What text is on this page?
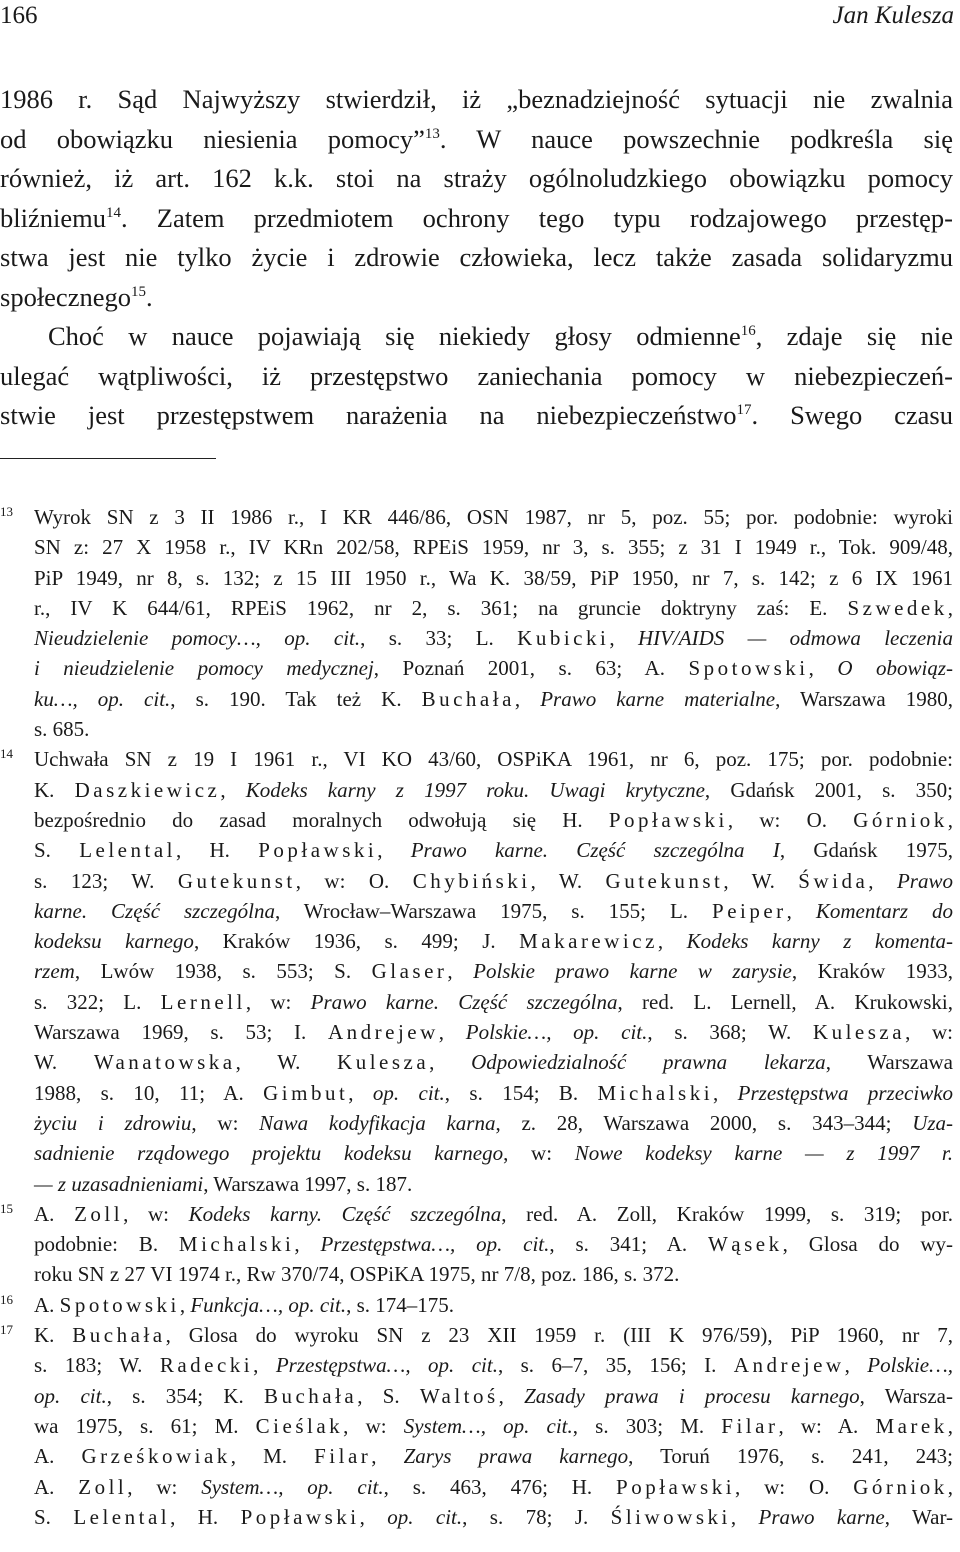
166	Jan Kulesza
1986 r. Sąd Najwyższy stwierdził, iż „beznadziejność sytuacji nie zwalnia
od obowiązku niesienia pomocy”$^{13}$. W nauce powszechnie podkreśla się
również, iż art. 162 k.k. stoi na straży ogólnoludzkiego obowiązku pomocy
bliźniemu$^{14}$. Zatem przedmiotem ochrony tego typu rodzajowego przestęp-
stwa jest nie tylko życie i zdrowie człowieka, lecz także zasada solidaryzmu
społecznego$^{15}$.
Choć w nauce pojawiają się niekiedy głosy odmienne$^{16}$, zdaje się nie
ulegać wątpliwości, iż przestępstwo zaniechania pomocy w niebezpieczeń-
stwie jest przestępstwem narażenia na niebezpieczeństwo$^{17}$. Swego czasu
13 Wyrok SN z 3 II 1986 r., I KR 446/86, OSN 1987, nr 5, poz. 55; por. podobnie: wyroki
SN z: 27 X 1958 r., IV KRn 202/58, RPEiS 1959, nr 3, s. 355; z 31 I 1949 r., Tok. 909/48,
PiP 1949, nr 8, s. 132; z 15 III 1950 r., Wa K. 38/59, PiP 1950, nr 7, s. 142; z 6 IX 1961
r., IV K 644/61, RPEiS 1962, nr 2, s. 361; na gruncie doktryny zaś: E. Szwedek,
Nieudzielenie pomocy…, op. cit., s. 33; L. Kubicki, HIV/AIDS — odmowa leczenia
i nieudzielenie pomocy medycznej, Poznań 2001, s. 63; A. Spotowski, O obowiąz-
ku…, op. cit., s. 190. Tak też K. Buchała, Prawo karne materialne, Warszawa 1980,
s. 685.
14 Uchwała SN z 19 I 1961 r., VI KO 43/60, OSPiKA 1961, nr 6, poz. 175; por. podobnie:
K. Daszkiewicz, Kodeks karny z 1997 roku. Uwagi krytyczne, Gdańsk 2001, s. 350;
bezpośrednio do zasad moralnych odwołują się H. Popławski, w: O. Górniok,
S. Lelental, H. Popławski, Prawo karne. Część szczególna I, Gdańsk 1975,
s. 123; W. Gutekunst, w: O. Chybiński, W. Gutekunst, W. Świda, Prawo
karne. Część szczególna, Wrocław–Warszawa 1975, s. 155; L. Peiper, Komentarz do
kodeksu karnego, Kraków 1936, s. 499; J. Makarewicz, Kodeks karny z komenta-
rzem, Lwów 1938, s. 553; S. Glaser, Polskie prawo karne w zarysie, Kraków 1933,
s. 322; L. Lernell, w: Prawo karne. Część szczególna, red. L. Lernell, A. Krukowski,
Warszawa 1969, s. 53; I. Andrejew, Polskie…, op. cit., s. 368; W. Kulesza, w:
W. Wanatowska, W. Kulesza, Odpowiedzialność prawna lekarza, Warszawa
1988, s. 10, 11; A. Gimbut, op. cit., s. 154; B. Michalski, Przestępstwa przeciwko
życiu i zdrowiu, w: Nawa kodyfikacja karna, z. 28, Warszawa 2000, s. 343–344; Uza-
sadnienie rządowego projektu kodeksu karnego, w: Nowe kodeksy karne — z 1997 r.
— z uzasadnieniami, Warszawa 1997, s. 187.
15 A. Zoll, w: Kodeks karny. Część szczególna, red. A. Zoll, Kraków 1999, s. 319; por.
podobnie: B. Michalski, Przestępstwa…, op. cit., s. 341; A. Wąsek, Glosa do wy-
roku SN z 27 VI 1974 r., Rw 370/74, OSPiKA 1975, nr 7/8, poz. 186, s. 372.
16 A. Spotowski, Funkcja…, op. cit., s. 174–175.
17 K. Buchała, Glosa do wyroku SN z 23 XII 1959 r. (III K 976/59), PiP 1960, nr 7,
s. 183; W. Radecki, Przestępstwa…, op. cit., s. 6–7, 35, 156; I. Andrejew, Polskie…,
op. cit., s. 354; K. Buchała, S. Waltoś, Zasady prawa i procesu karnego, Warsza-
wa 1975, s. 61; M. Cieślak, w: System…, op. cit., s. 303; M. Filar, w: A. Marek,
A. Grześkowiak, M. Filar, Zarys prawa karnego, Toruń 1976, s. 241, 243;
A. Zoll, w: System…, op. cit., s. 463, 476; H. Popławski, w: O. Górniok,
S. Lelental, H. Popławski, op. cit., s. 78; J. Śliwowski, Prawo karne, War-
